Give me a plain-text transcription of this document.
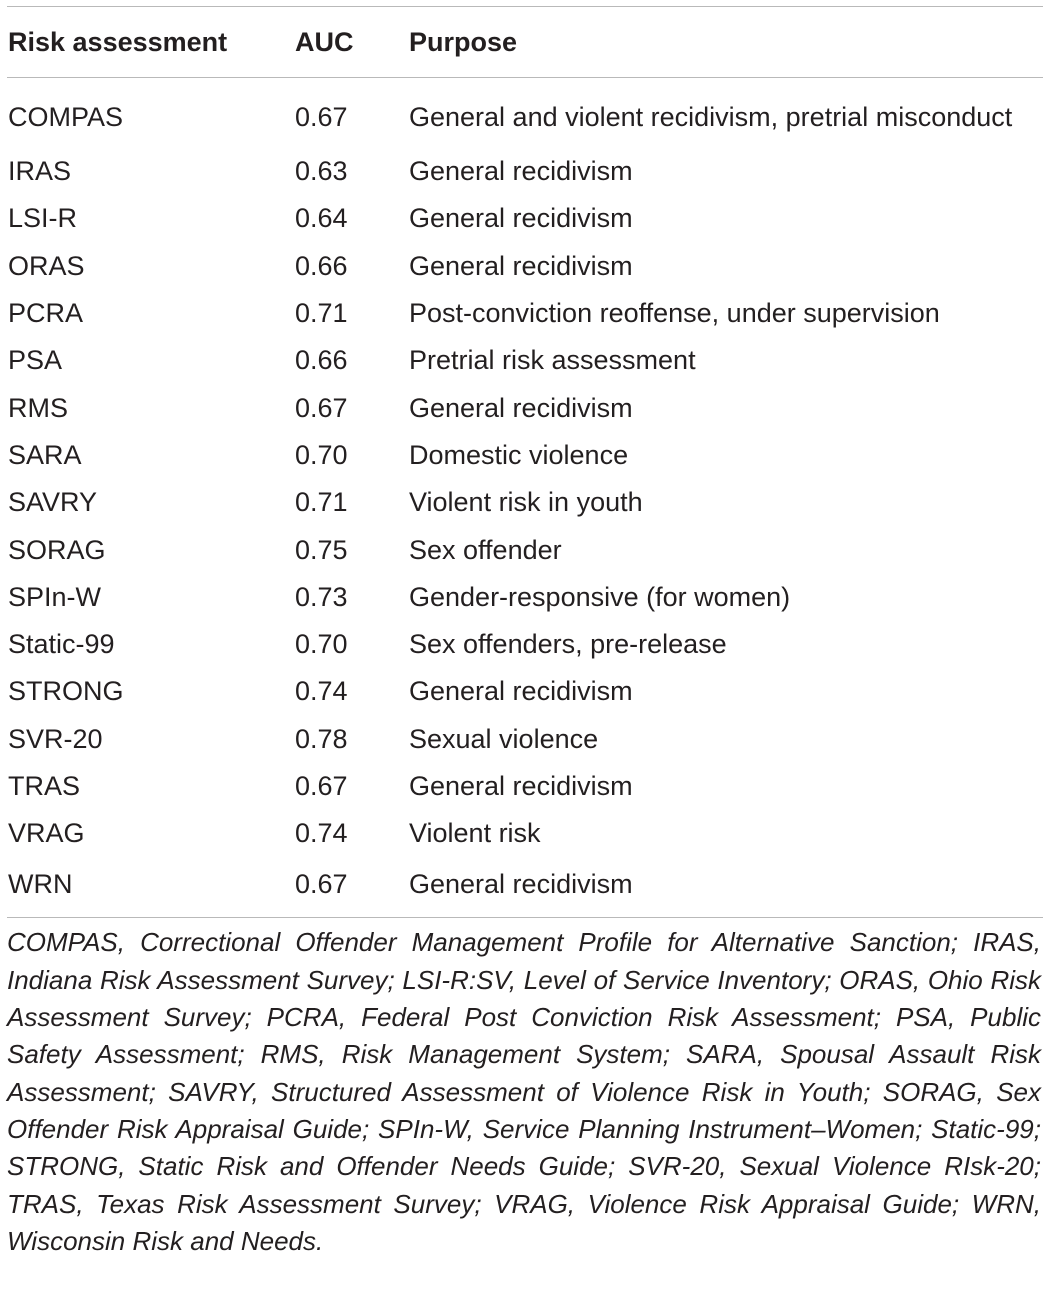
Risk assessment	AUC	Purpose
COMPAS	0.67	General and violent recidivism, pretrial misconduct
IRAS	0.63	General recidivism
LSI-R	0.64	General recidivism
ORAS	0.66	General recidivism
PCRA	0.71	Post-conviction reoffense, under supervision
PSA	0.66	Pretrial risk assessment
RMS	0.67	General recidivism
SARA	0.70	Domestic violence
SAVRY	0.71	Violent risk in youth
SORAG	0.75	Sex offender
SPIn-W	0.73	Gender-responsive (for women)
Static-99	0.70	Sex offenders, pre-release
STRONG	0.74	General recidivism
SVR-20	0.78	Sexual violence
TRAS	0.67	General recidivism
VRAG	0.74	Violent risk
WRN	0.67	General recidivism
COMPAS, Correctional Offender Management Profile for Alternative Sanction; IRAS, Indiana Risk Assessment Survey; LSI-R:SV, Level of Service Inventory; ORAS, Ohio Risk Assessment Survey; PCRA, Federal Post Conviction Risk Assessment; PSA, Public Safety Assessment; RMS, Risk Management System; SARA, Spousal Assault Risk Assessment; SAVRY, Structured Assessment of Violence Risk in Youth; SORAG, Sex Offender Risk Appraisal Guide; SPIn-W, Service Planning Instrument–Women; Static-99; STRONG, Static Risk and Offender Needs Guide; SVR-20, Sexual Violence RIsk-20; TRAS, Texas Risk Assessment Survey; VRAG, Violence Risk Appraisal Guide; WRN, Wisconsin Risk and Needs.
